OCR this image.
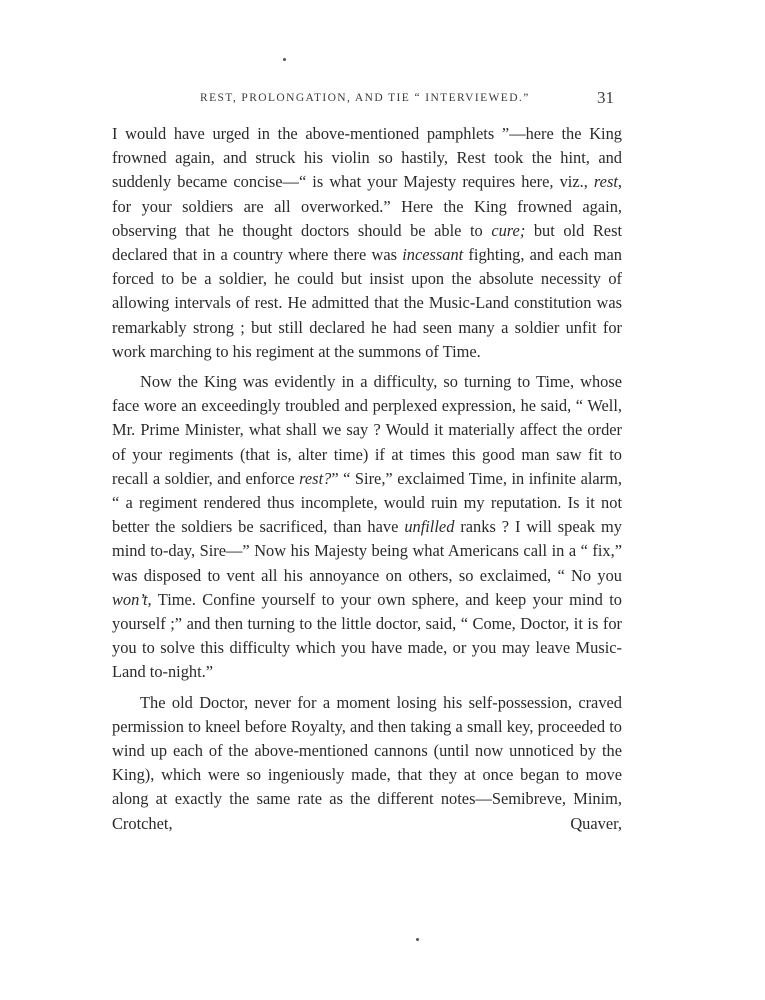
REST, PROLONGATION, AND TIE “ INTERVIEWED.”	31

I would have urged in the above-mentioned pamphlets ”—here the King frowned again, and struck his violin so hastily, Rest took the hint, and suddenly became concise—“ is what your Majesty requires here, viz., rest, for your soldiers are all overworked.” Here the King frowned again, observing that he thought doctors should be able to cure; but old Rest declared that in a country where there was incessant fighting, and each man forced to be a soldier, he could but insist upon the absolute necessity of allowing intervals of rest. He admitted that the Music-Land constitution was remarkably strong ; but still declared he had seen many a soldier unfit for work marching to his regiment at the summons of Time.

Now the King was evidently in a difficulty, so turning to Time, whose face wore an exceedingly troubled and perplexed expression, he said, “ Well, Mr. Prime Minister, what shall we say ? Would it materially affect the order of your regiments (that is, alter time) if at times this good man saw fit to recall a soldier, and enforce rest?” “ Sire,” exclaimed Time, in infinite alarm, “ a regiment rendered thus incomplete, would ruin my reputation. Is it not better the soldiers be sacrificed, than have unfilled ranks ? I will speak my mind to-day, Sire—” Now his Majesty being what Americans call in a “ fix,” was disposed to vent all his annoyance on others, so exclaimed, “ No you won’t, Time. Confine yourself to your own sphere, and keep your mind to yourself ;” and then turning to the little doctor, said, “ Come, Doctor, it is for you to solve this difficulty which you have made, or you may leave Music-Land to-night.”

The old Doctor, never for a moment losing his self-possession, craved permission to kneel before Royalty, and then taking a small key, proceeded to wind up each of the above-mentioned cannons (until now unnoticed by the King), which were so ingeniously made, that they at once began to move along at exactly the same rate as the different notes—Semibreve, Minim, Crotchet, Quaver,
